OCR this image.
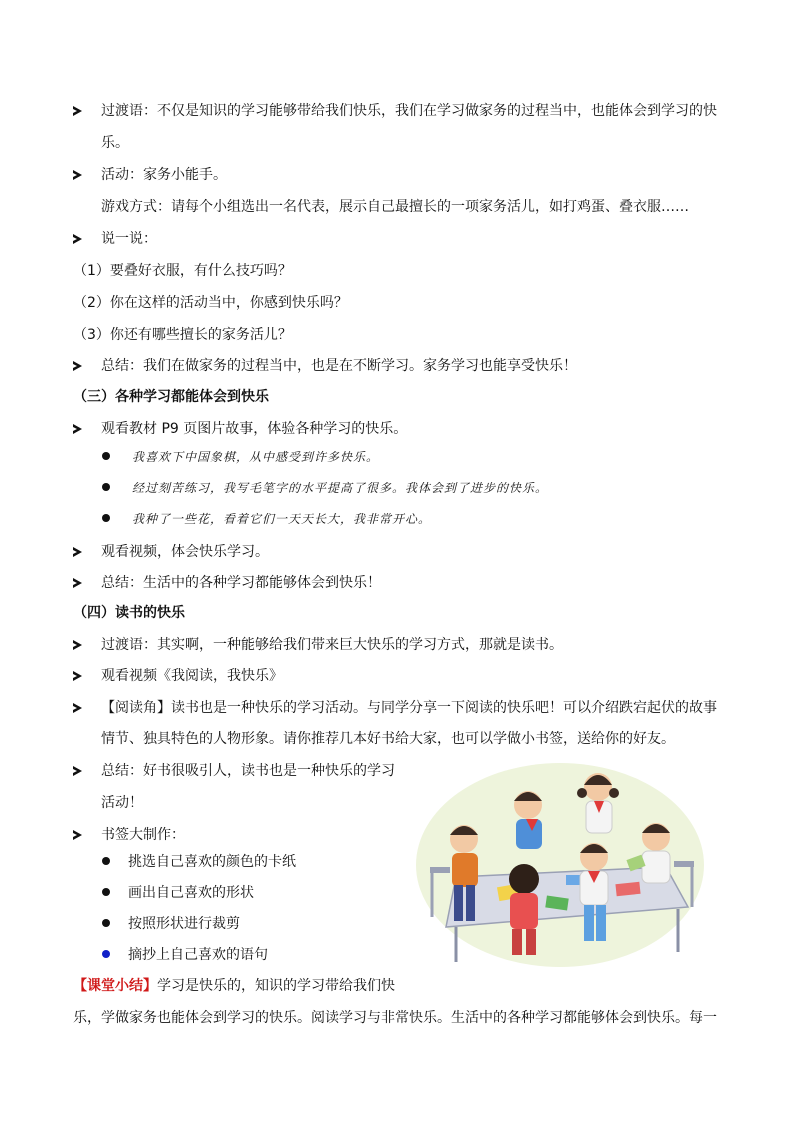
过渡语：不仅是知识的学习能够带给我们快乐，我们在学习做家务的过程当中，也能体会到学习的快
乐。
活动：家务小能手。
游戏方式：请每个小组选出一名代表，展示自己最擅长的一项家务活儿，如打鸡蛋、叠衣服……
说一说：
（1）要叠好衣服，有什么技巧吗？
（2）你在这样的活动当中，你感到快乐吗？
（3）你还有哪些擅长的家务活儿？
总结：我们在做家务的过程当中，也是在不断学习。家务学习也能享受快乐！
（三）各种学习都能体会到快乐
观看教材 P9 页图片故事，体验各种学习的快乐。
我喜欢下中国象棋，从中感受到许多快乐。
经过刻苦练习，我写毛笔字的水平提高了很多。我体会到了进步的快乐。
我种了一些花，看着它们一天天长大，我非常开心。
观看视频，体会快乐学习。
总结：生活中的各种学习都能够体会到快乐！
（四）读书的快乐
过渡语：其实啊，一种能够给我们带来巨大快乐的学习方式，那就是读书。
观看视频《我阅读，我快乐》
【阅读角】读书也是一种快乐的学习活动。与同学分享一下阅读的快乐吧！可以介绍跌宕起伏的故事
情节、独具特色的人物形象。请你推荐几本好书给大家，也可以学做小书签，送给你的好友。
总结：好书很吸引人，读书也是一种快乐的学习
活动！
书签大制作：
挑选自己喜欢的颜色的卡纸
画出自己喜欢的形状
按照形状进行裁剪
摘抄上自己喜欢的语句
【课堂小结】学习是快乐的，知识的学习带给我们快
乐，学做家务也能体会到学习的快乐。阅读学习与非常快乐。生活中的各种学习都能够体会到快乐。每一
